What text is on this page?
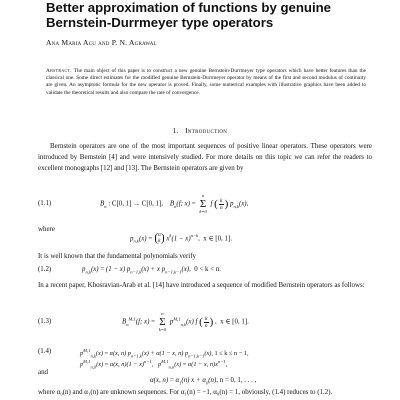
Better approximation of functions by genuine
Bernstein-Durrmeyer type operators
Ana Maria Acu and P. N. Agrawal
Abstract. The main object of this paper is to construct a new genuine Bernstein-Durrmeyer type operators which have better features than the classical one. Some direct estimates for the modified genuine Bernstein-Durrmeyer operator by means of the first and second modulus of continuity are given. An asymptotic formula for the new operator is proved. Finally, some numerical examples with illustrative graphics have been added to validate the theoretical results and also compare the rate of convergence.
1. Introduction
Bernstein operators are one of the most important sequences of positive linear operators. These operators were introduced by Bernstein [4] and were intensively studied. For more details on this topic we can refer the readers to excellent monographs [12] and [13]. The Bernstein operators are given by
(1.1)	$B_n$ : C[0, 1] → C[0, 1],    $B_n(f$; x) = n
Σ
k=0 f ( $\frac{k}{n}$ ) $p_{n,k}(x)$,
where
$p_{n,k}(x)$ =
n
k $x^k(1 - x)^{n-k}$,  x ∈ [0, 1].
It is well known that the fundamental polynomials verify
(1.2)	$p_{n,k}(x) = (1 - x) p_{n-1,k}(x) + x$ $p_{n-1,k-1}(x)$,  0 < k < n.
In a recent paper, Khosravian-Arab et al. [14] have introduced a sequence of modified Bernstein operators as follows:
(1.3)	$B_n^{M,1}(f$; x) = n
Σ
k=0 $p^{M,1}_{n,k}(x)$ f ( $\frac{k}{n}$ ) ,  x ∈ [0, 1].
(1.4)	$p^{M,1}_{n,k}(x) = \alpha(x$, n) $p_{n-1,k}(x) + \alpha(1 - x$, n) $p_{n-1,k-1}(x)$, 1 ≤ k ≤ n − 1,
$p^{M,1}_{n,0}(x) = \alpha(x$, $n)(1 - x)^{n-1}$,   $p^{M,1}_{n,n}(x) = \alpha(1 - x$, $n)x^{n-1}$,
and
α(x, $n) = \alpha_1(n) x + \alpha_0(n)$, n = 0, 1, . . . ,
where α₀(n) and α₁(n) are unknown sequences. For α₁(n) = −1, α₀(n) = 1, obviously, (1.4) reduces to (1.2).
